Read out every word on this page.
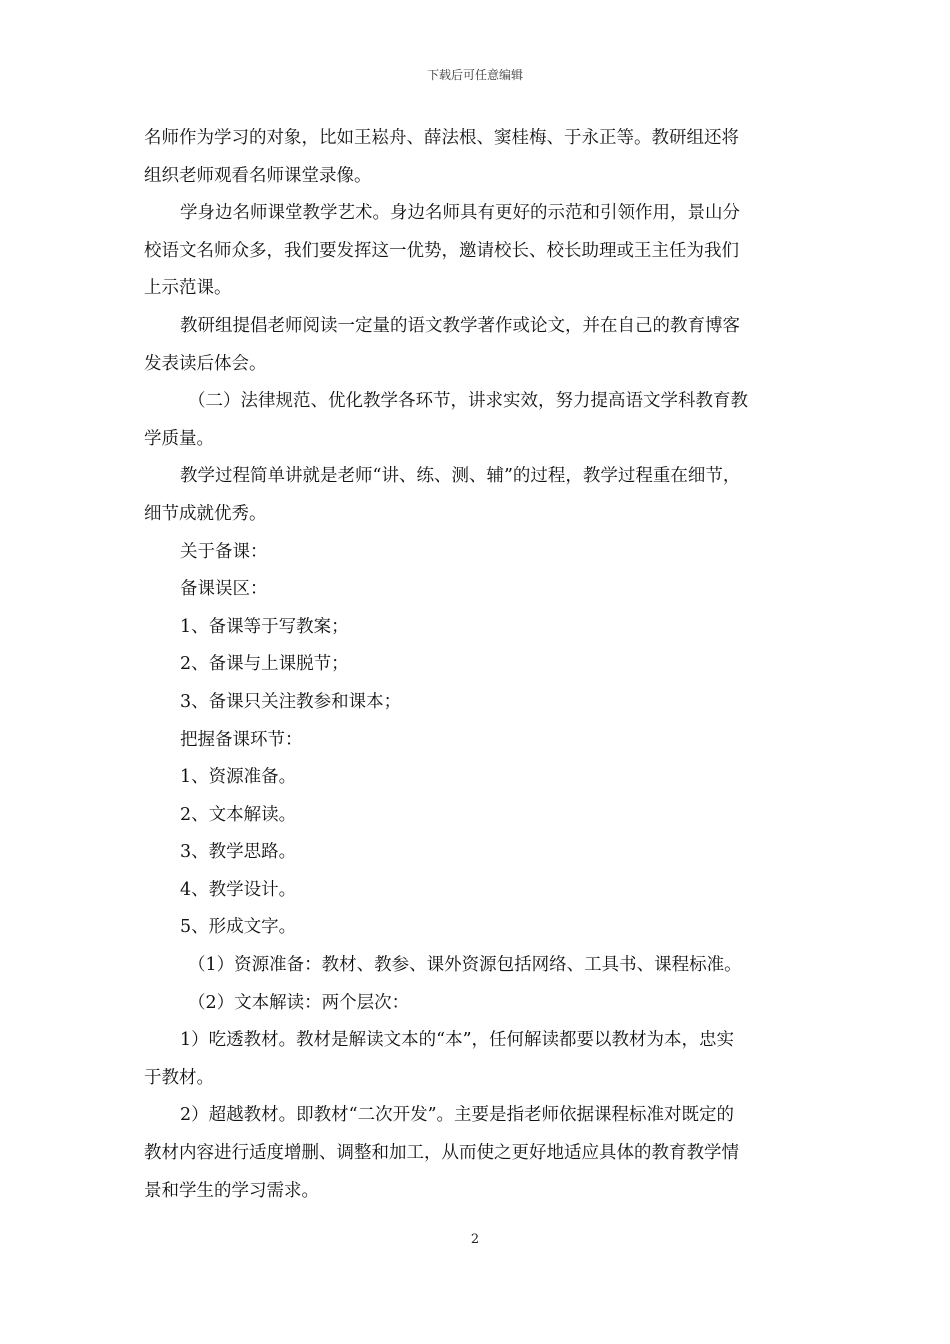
下载后可任意编辑
名师作为学习的对象，比如王崧舟、薛法根、窦桂梅、于永正等。教研组还将
组织老师观看名师课堂录像。
学身边名师课堂教学艺术。身边名师具有更好的示范和引领作用，景山分
校语文名师众多，我们要发挥这一优势，邀请校长、校长助理或王主任为我们
上示范课。
教研组提倡老师阅读一定量的语文教学著作或论文，并在自己的教育博客
发表读后体会。
（二）法律规范、优化教学各环节，讲求实效，努力提高语文学科教育教
学质量。
教学过程简单讲就是老师“讲、练、测、辅”的过程，教学过程重在细节，
细节成就优秀。
关于备课：
备课误区：
1、备课等于写教案；
2、备课与上课脱节；
3、备课只关注教参和课本；
把握备课环节：
1、资源准备。
2、文本解读。
3、教学思路。
4、教学设计。
5、形成文字。
（1）资源准备：教材、教参、课外资源包括网络、工具书、课程标准。
（2）文本解读：两个层次：
1）吃透教材。教材是解读文本的“本”，任何解读都要以教材为本，忠实
于教材。
2）超越教材。即教材“二次开发”。主要是指老师依据课程标准对既定的
教材内容进行适度增删、调整和加工，从而使之更好地适应具体的教育教学情
景和学生的学习需求。
2
